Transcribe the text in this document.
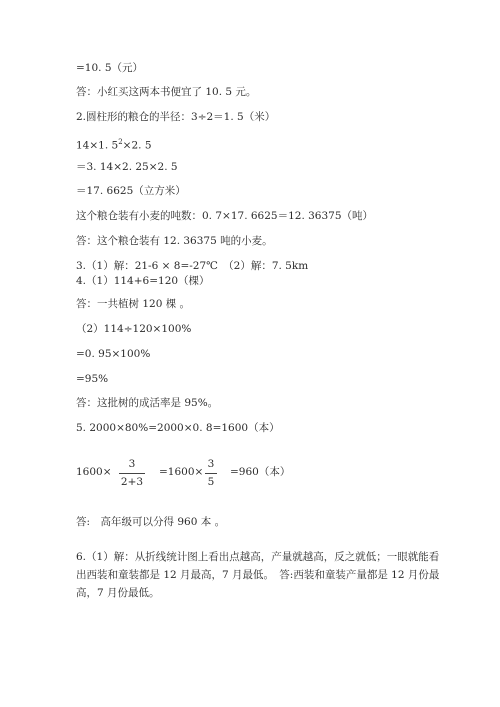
=10. 5（元）
答：小红买这两本书便宜了 10. 5 元。
2.圆柱形的粮仓的半径：3÷2＝1. 5（米）
14×1. $5^2\times 2$. 5
＝3. 14×2. 25×2. 5
＝17. 6625（立方米）
这个粮仓装有小麦的吨数：0. 7×17. 6625＝12. 36375（吨）
答：这个粮仓装有 12. 36375 吨的小麦。
3.（1）解：21-6 × 8=-27℃　（2）解：7. 5km
4.（1）114+6=120（棵）
答：一共植树 120 棵 。
（2）114÷120×100%
=0. 95×100%
=95%
答：这批树的成活率是 95%。
5. 2000×80%=2000×0. 8=1600（本）
1600×
3
2+3
=1600×
3
5
=960（本）
答:　高年级可以分得 960 本 。
6.（1）解：从折线统计图上看出点越高，产量就越高，反之就低；一眼就能看
出西装和童装都是 12 月最高，7 月最低。　答:西装和童装产量都是 12 月份最
高，7 月份最低。
